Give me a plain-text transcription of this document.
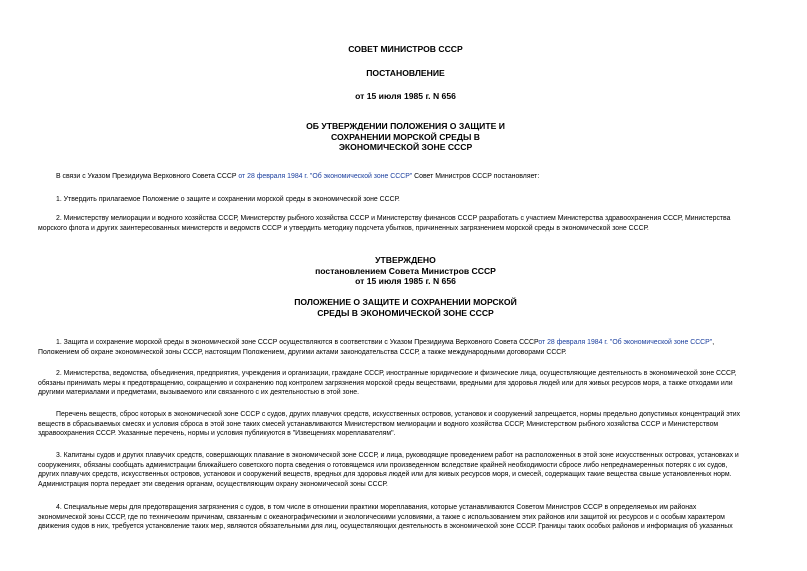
СОВЕТ МИНИСТРОВ СССР

ПОСТАНОВЛЕНИЕ

от 15 июля 1985 г. N 656

ОБ УТВЕРЖДЕНИИ ПОЛОЖЕНИЯ О ЗАЩИТЕ И

СОХРАНЕНИИ МОРСКОЙ СРЕДЫ В

ЭКОНОМИЧЕСКОЙ ЗОНЕ СССР

В связи с Указом Президиума Верховного Совета СССР от 28 февраля 1984 г. "Об экономической зоне СССР" Совет Министров СССР постановляет:

1. Утвердить прилагаемое Положение о защите и сохранении морской среды в экономической зоне СССР.

2. Министерству мелиорации и водного хозяйства СССР, Министерству рыбного хозяйства СССР и Министерству финансов СССР разработать с участием Министерства здравоохранения СССР, Министерства

морского флота и других заинтересованных министерств и ведомств СССР и утвердить методику подсчета убытков, причиненных загрязнением морской среды в экономической зоне СССР.

УТВЕРЖДЕНО

постановлением Совета Министров СССР

от 15 июля 1985 г. N 656

ПОЛОЖЕНИЕ О ЗАЩИТЕ И СОХРАНЕНИИ МОРСКОЙ

СРЕДЫ В ЭКОНОМИЧЕСКОЙ ЗОНЕ СССР

1. Защита и сохранение морской среды в экономической зоне СССР осуществляются в соответствии с Указом Президиума Верховного Совета СССРот 28 февраля 1984 г. "Об экономической зоне СССР",

Положением об охране экономической зоны СССР, настоящим Положением, другими актами законодательства СССР, а также международными договорами СССР.

2. Министерства, ведомства, объединения, предприятия, учреждения и организации, граждане СССР, иностранные юридические и физические лица, осуществляющие деятельность в экономической зоне СССР,

обязаны принимать меры к предотвращению, сокращению и сохранению под контролем загрязнения морской среды веществами, вредными для здоровья людей или для живых ресурсов моря, а также отходами или

другими материалами и предметами, вызываемого или связанного с их деятельностью в этой зоне.

Перечень веществ, сброс которых в экономической зоне СССР с судов, других плавучих средств, искусственных островов, установок и сооружений запрещается, нормы предельно допустимых концентраций этих

веществ в сбрасываемых смесях и условия сброса в этой зоне таких смесей устанавливаются Министерством мелиорации и водного хозяйства СССР, Министерством рыбного хозяйства СССР и Министерством

здравоохранения СССР. Указанные перечень, нормы и условия публикуются в "Извещениях мореплавателям".

3. Капитаны судов и других плавучих средств, совершающих плавание в экономической зоне СССР, и лица, руководящие проведением работ на расположенных в этой зоне искусственных островах, установках и

сооружениях, обязаны сообщать администрации ближайшего советского порта сведения о готовящемся или произведенном вследствие крайней необходимости сбросе либо непреднамеренных потерях с их судов,

других плавучих средств, искусственных островов, установок и сооружений веществ, вредных для здоровья людей или для живых ресурсов моря, и смесей, содержащих такие вещества свыше установленных норм.

Администрация порта передает эти сведения органам, осуществляющим охрану экономической зоны СССР.

4. Специальные меры для предотвращения загрязнения с судов, в том числе в отношении практики мореплавания, которые устанавливаются Советом Министров СССР в определяемых им районах

экономической зоны СССР, где по техническим причинам, связанным с океанографическими и экологическими условиями, а также с использованием этих районов или защитой их ресурсов и с особым характером

движения судов в них, требуется установление таких мер, являются обязательными для лиц, осуществляющих деятельность в экономической зоне СССР. Границы таких особых районов и информация об указанных
